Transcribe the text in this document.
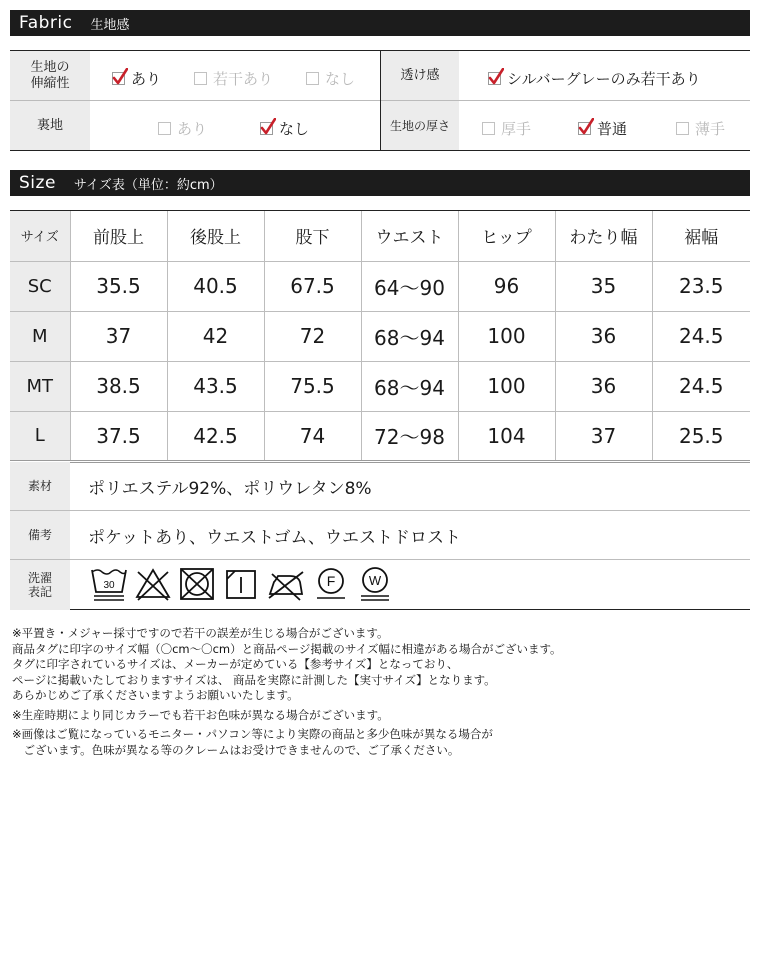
Fabric 生地感
生地の
伸縮性	あり	若干あり	なし	透け感	シルバーグレーのみ若干あり
裏地	あり	なし	生地の厚さ	厚手	普通	薄手
Size サイズ表（単位：約cm）
サイズ	前股上	後股上	股下	ウエスト	ヒップ	わたり幅	裾幅
SC	35.5	40.5	67.5	64〜90	96	35	23.5
M	37	42	72	68〜94	100	36	24.5
MT	38.5	43.5	75.5	68〜94	100	36	24.5
L	37.5	42.5	74	72〜98	104	37	25.5
素材	ポリエステル92%、ポリウレタン8%
備考	ポケットあり、ウエストゴム、ウエストドロスト
洗濯
表記	30	F	W

※平置き・メジャー採寸ですので若干の誤差が生じる場合がございます。

商品タグに印字のサイズ幅（〇cm〜〇cm）と商品ページ掲載のサイズ幅に相違がある場合がございます。

タグに印字されているサイズは、メーカーが定めている【参考サイズ】となっており、

ページに掲載いたしておりますサイズは、 商品を実際に計測した【実寸サイズ】となります。

あらかじめご了承くださいますようお願いいたします。

※生産時期により同じカラーでも若干お色味が異なる場合がございます。

※画像はご覧になっているモニター・パソコン等により実際の商品と多少色味が異なる場合が

　ございます。色味が異なる等のクレームはお受けできませんので、ご了承ください。
